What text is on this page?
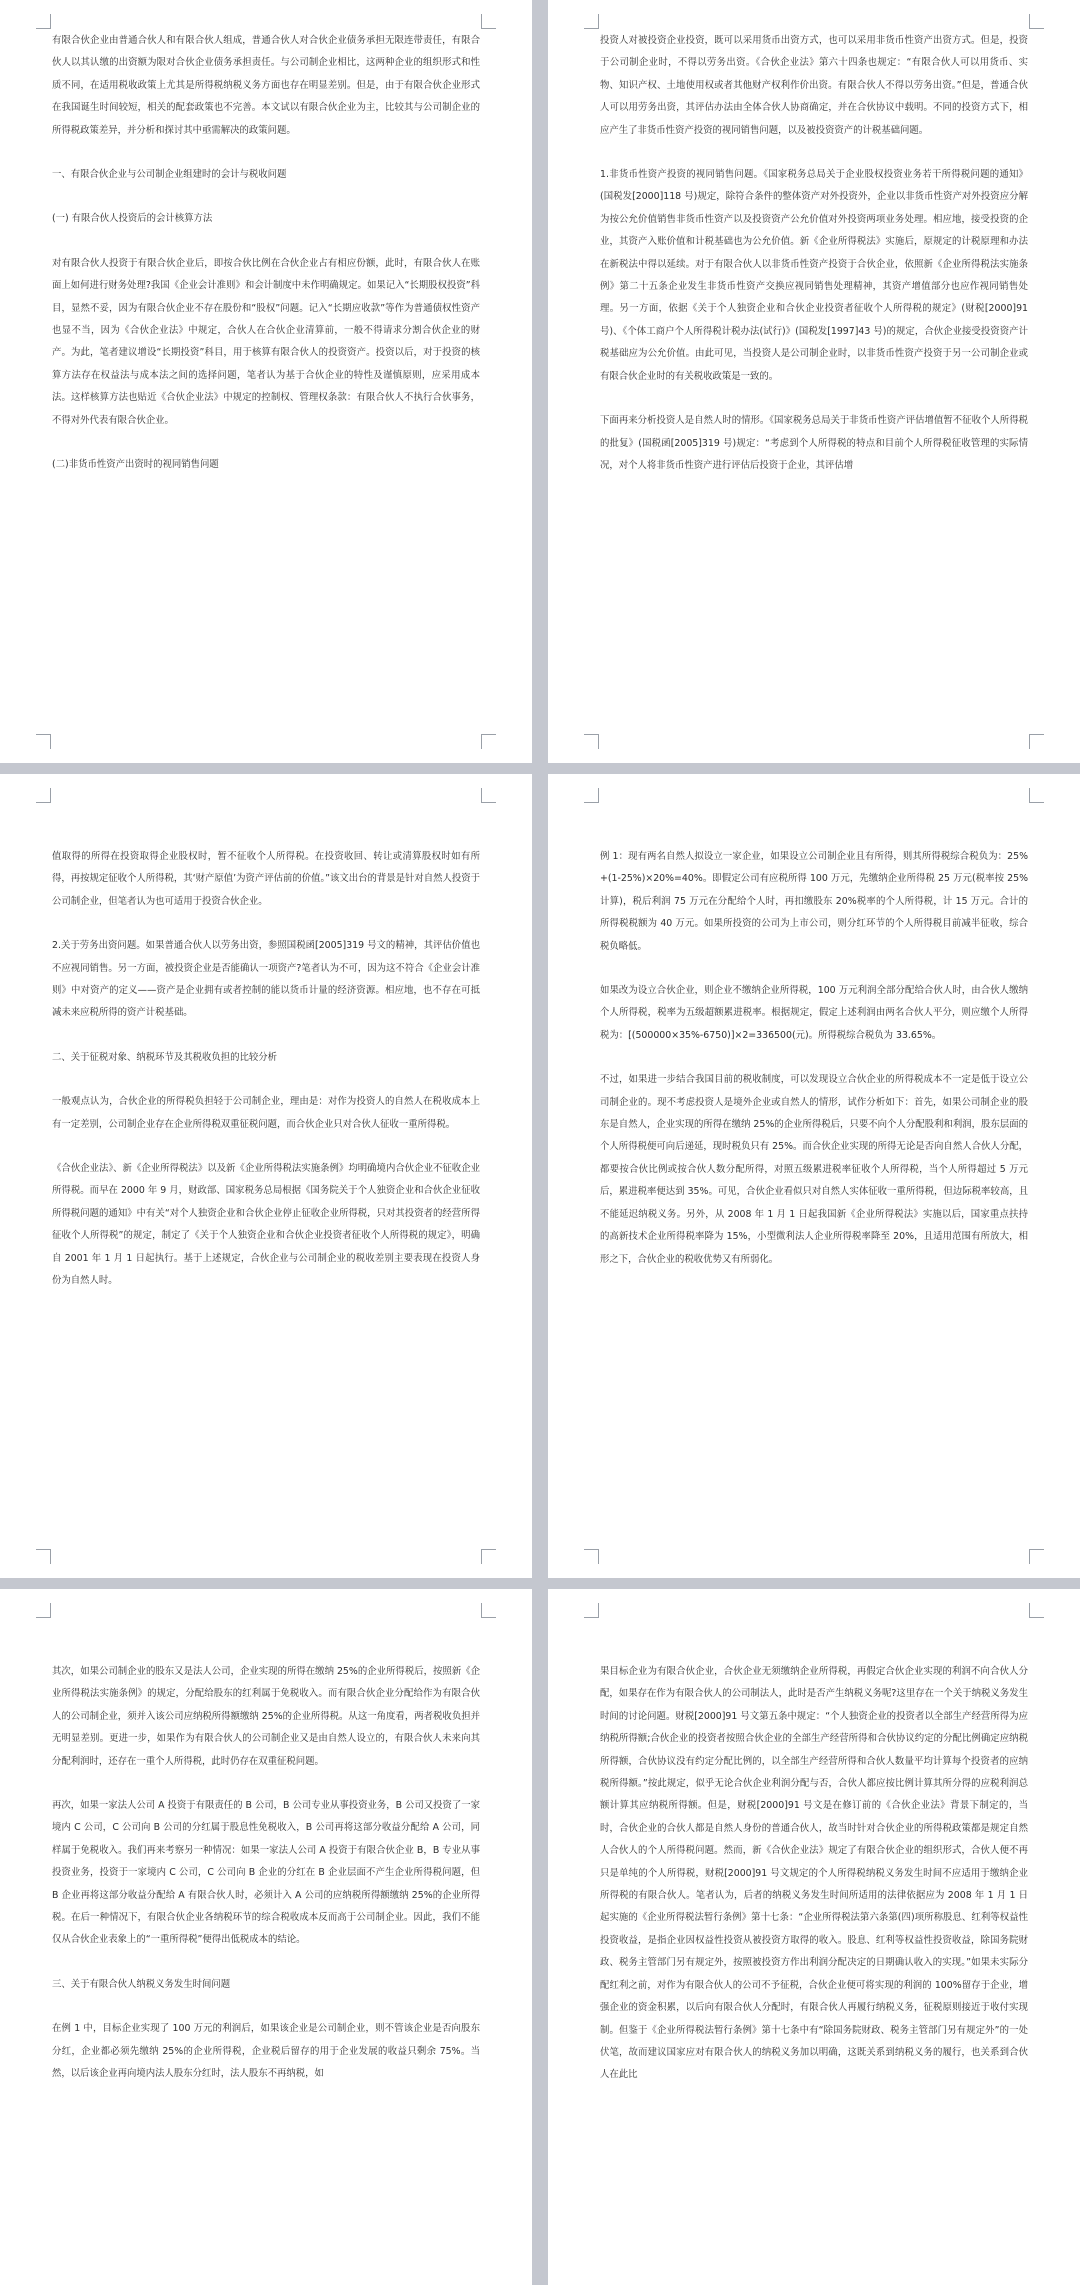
有限合伙企业由普通合伙人和有限合伙人组成，普通合伙人对合伙企业债务承担无限连带责任，有限合伙人以其认缴的出资额为限对合伙企业债务承担责任。与公司制企业相比，这两种企业的组织形式和性质不同，在适用税收政策上尤其是所得税纳税义务方面也存在明显差别。但是，由于有限合伙企业形式在我国诞生时间较短，相关的配套政策也不完善。本文试以有限合伙企业为主，比较其与公司制企业的所得税政策差异，并分析和探讨其中亟需解决的政策问题。

一、有限合伙企业与公司制企业组建时的会计与税收问题

(一) 有限合伙人投资后的会计核算方法

对有限合伙人投资于有限合伙企业后，即按合伙比例在合伙企业占有相应份额，此时，有限合伙人在账面上如何进行财务处理?我国《企业会计准则》和会计制度中未作明确规定。如果记入“长期股权投资”科目，显然不妥，因为有限合伙企业不存在股份和“股权”问题。记入“长期应收款”等作为普通债权性资产也显不当，因为《合伙企业法》中规定，合伙人在合伙企业清算前，一般不得请求分割合伙企业的财产。为此，笔者建议增设“长期投资”科目，用于核算有限合伙人的投资资产。投资以后，对于投资的核算方法存在权益法与成本法之间的选择问题，笔者认为基于合伙企业的特性及谨慎原则，应采用成本法。这样核算方法也贴近《合伙企业法》中规定的控制权、管理权条款：有限合伙人不执行合伙事务，不得对外代表有限合伙企业。

(二)非货币性资产出资时的视同销售问题

投资人对被投资企业投资，既可以采用货币出资方式，也可以采用非货币性资产出资方式。但是，投资于公司制企业时，不得以劳务出资。《合伙企业法》第六十四条也规定：“有限合伙人可以用货币、实物、知识产权、土地使用权或者其他财产权利作价出资。有限合伙人不得以劳务出资。”但是，普通合伙人可以用劳务出资，其评估办法由全体合伙人协商确定，并在合伙协议中载明。不同的投资方式下，相应产生了非货币性资产投资的视同销售问题，以及被投资资产的计税基础问题。

1.非货币性资产投资的视同销售问题。《国家税务总局关于企业股权投资业务若干所得税问题的通知》(国税发[2000]118 号)规定，除符合条件的整体资产对外投资外，企业以非货币性资产对外投资应分解为按公允价值销售非货币性资产以及投资资产公允价值对外投资两项业务处理。相应地，接受投资的企业，其资产入账价值和计税基础也为公允价值。新《企业所得税法》实施后，原规定的计税原理和办法在新税法中得以延续。对于有限合伙人以非货币性资产投资于合伙企业，依照新《企业所得税法实施条例》第二十五条企业发生非货币性资产交换应视同销售处理精神，其资产增值部分也应作视同销售处理。另一方面，依据《关于个人独资企业和合伙企业投资者征收个人所得税的规定》(财税[2000]91 号)、《个体工商户个人所得税计税办法(试行)》(国税发[1997]43 号)的规定，合伙企业接受投资资产计税基础应为公允价值。由此可见，当投资人是公司制企业时，以非货币性资产投资于另一公司制企业或有限合伙企业时的有关税收政策是一致的。

下面再来分析投资人是自然人时的情形。《国家税务总局关于非货币性资产评估增值暂不征收个人所得税的批复》(国税函[2005]319 号)规定：“考虑到个人所得税的特点和目前个人所得税征收管理的实际情况，对个人将非货币性资产进行评估后投资于企业，其评估增

值取得的所得在投资取得企业股权时，暂不征收个人所得税。在投资收回、转让或清算股权时如有所得，再按规定征收个人所得税，其‘财产原值’为资产评估前的价值。”该文出台的背景是针对自然人投资于公司制企业，但笔者认为也可适用于投资合伙企业。

2.关于劳务出资问题。如果普通合伙人以劳务出资，参照国税函[2005]319 号文的精神，其评估价值也不应视同销售。另一方面，被投资企业是否能确认一项资产?笔者认为不可，因为这不符合《企业会计准则》中对资产的定义——资产是企业拥有或者控制的能以货币计量的经济资源。相应地，也不存在可抵减未来应税所得的资产计税基础。

二、关于征税对象、纳税环节及其税收负担的比较分析

一般观点认为，合伙企业的所得税负担轻于公司制企业，理由是：对作为投资人的自然人在税收成本上有一定差别，公司制企业存在企业所得税双重征税问题，而合伙企业只对合伙人征收一重所得税。

《合伙企业法》、新《企业所得税法》以及新《企业所得税法实施条例》均明确境内合伙企业不征收企业所得税。而早在 2000 年 9 月，财政部、国家税务总局根据《国务院关于个人独资企业和合伙企业征收所得税问题的通知》中有关“对个人独资企业和合伙企业停止征收企业所得税，只对其投资者的经营所得征收个人所得税”的规定，制定了《关于个人独资企业和合伙企业投资者征收个人所得税的规定》，明确自 2001 年 1 月 1 日起执行。基于上述规定，合伙企业与公司制企业的税收差别主要表现在投资人身份为自然人时。

例 1：现有两名自然人拟设立一家企业，如果设立公司制企业且有所得，则其所得税综合税负为：25%+(1-25%)×20%=40%。即假定公司有应税所得 100 万元，先缴纳企业所得税 25 万元(税率按 25%计算)，税后利润 75 万元在分配给个人时，再扣缴股东 20%税率的个人所得税，计 15 万元。合计的所得税税额为 40 万元。如果所投资的公司为上市公司，则分红环节的个人所得税目前减半征收，综合税负略低。

如果改为设立合伙企业，则企业不缴纳企业所得税，100 万元利润全部分配给合伙人时，由合伙人缴纳个人所得税，税率为五级超额累进税率。根据规定，假定上述利润由两名合伙人平分，则应缴个人所得税为：[(500000×35%-6750)]×2=336500(元)。所得税综合税负为 33.65%。

不过，如果进一步结合我国目前的税收制度，可以发现设立合伙企业的所得税成本不一定是低于设立公司制企业的。现不考虑投资人是境外企业或自然人的情形，试作分析如下：首先，如果公司制企业的股东是自然人，企业实现的所得在缴纳 25%的企业所得税后，只要不向个人分配股利和利润，股东层面的个人所得税便可向后递延，现时税负只有 25%。而合伙企业实现的所得无论是否向自然人合伙人分配，都要按合伙比例或按合伙人数分配所得，对照五级累进税率征收个人所得税，当个人所得超过 5 万元后，累进税率便达到 35%。可见，合伙企业看似只对自然人实体征收一重所得税，但边际税率较高，且不能延迟纳税义务。另外，从 2008 年 1 月 1 日起我国新《企业所得税法》实施以后，国家重点扶持的高新技术企业所得税率降为 15%，小型微利法人企业所得税率降至 20%，且适用范围有所放大，相形之下，合伙企业的税收优势又有所弱化。

其次，如果公司制企业的股东又是法人公司，企业实现的所得在缴纳 25%的企业所得税后，按照新《企业所得税法实施条例》的规定，分配给股东的红利属于免税收入。而有限合伙企业分配给作为有限合伙人的公司制企业，须并入该公司应纳税所得额缴纳 25%的企业所得税。从这一角度看，两者税收负担并无明显差别。更进一步，如果作为有限合伙人的公司制企业又是由自然人设立的，有限合伙人未来向其分配利润时，还存在一重个人所得税，此时仍存在双重征税问题。

再次，如果一家法人公司 A 投资于有限责任的 B 公司，B 公司专业从事投资业务，B 公司又投资了一家境内 C 公司，C 公司向 B 公司的分红属于股息性免税收入，B 公司再将这部分收益分配给 A 公司，同样属于免税收入。我们再来考察另一种情况：如果一家法人公司 A 投资于有限合伙企业 B，B 专业从事投资业务，投资于一家境内 C 公司，C 公司向 B 企业的分红在 B 企业层面不产生企业所得税问题，但 B 企业再将这部分收益分配给 A 有限合伙人时，必须计入 A 公司的应纳税所得额缴纳 25%的企业所得税。在后一种情况下，有限合伙企业各纳税环节的综合税收成本反而高于公司制企业。因此，我们不能仅从合伙企业表象上的“一重所得税”便得出低税成本的结论。

三、关于有限合伙人纳税义务发生时间问题

在例 1 中，目标企业实现了 100 万元的利润后，如果该企业是公司制企业，则不管该企业是否向股东分红，企业都必须先缴纳 25%的企业所得税，企业税后留存的用于企业发展的收益只剩余 75%。当然，以后该企业再向境内法人股东分红时，法人股东不再纳税，如

果目标企业为有限合伙企业，合伙企业无须缴纳企业所得税，再假定合伙企业实现的利润不向合伙人分配，如果存在作为有限合伙人的公司制法人，此时是否产生纳税义务呢?这里存在一个关于纳税义务发生时间的讨论问题。财税[2000]91 号文第五条中规定：“个人独资企业的投资者以全部生产经营所得为应纳税所得额;合伙企业的投资者按照合伙企业的全部生产经营所得和合伙协议约定的分配比例确定应纳税所得额，合伙协议没有约定分配比例的，以全部生产经营所得和合伙人数量平均计算每个投资者的应纳税所得额。”按此规定，似乎无论合伙企业利润分配与否，合伙人都应按比例计算其所分得的应税利润总额计算其应纳税所得额。但是，财税[2000]91 号文是在修订前的《合伙企业法》背景下制定的，当时，合伙企业的合伙人都是自然人身份的普通合伙人，故当时针对合伙企业的所得税政策都是规定自然人合伙人的个人所得税问题。然而，新《合伙企业法》规定了有限合伙企业的组织形式，合伙人便不再只是单纯的个人所得税，财税[2000]91 号文规定的个人所得税纳税义务发生时间不应适用于缴纳企业所得税的有限合伙人。笔者认为，后者的纳税义务发生时间所适用的法律依据应为 2008 年 1 月 1 日起实施的《企业所得税法暂行条例》第十七条：“企业所得税法第六条第(四)项所称股息、红利等权益性投资收益，是指企业因权益性投资从被投资方取得的收入。股息、红利等权益性投资收益，除国务院财政、税务主管部门另有规定外，按照被投资方作出利润分配决定的日期确认收入的实现。”如果未实际分配红利之前，对作为有限合伙人的公司不予征税，合伙企业便可将实现的利润的 100%留存于企业，增强企业的资金积累，以后向有限合伙人分配时，有限合伙人再履行纳税义务，征税原则接近于收付实现制。但鉴于《企业所得税法暂行条例》第十七条中有“除国务院财政、税务主管部门另有规定外”的一处伏笔，故而建议国家应对有限合伙人的纳税义务加以明确，这既关系到纳税义务的履行，也关系到合伙人在此比
